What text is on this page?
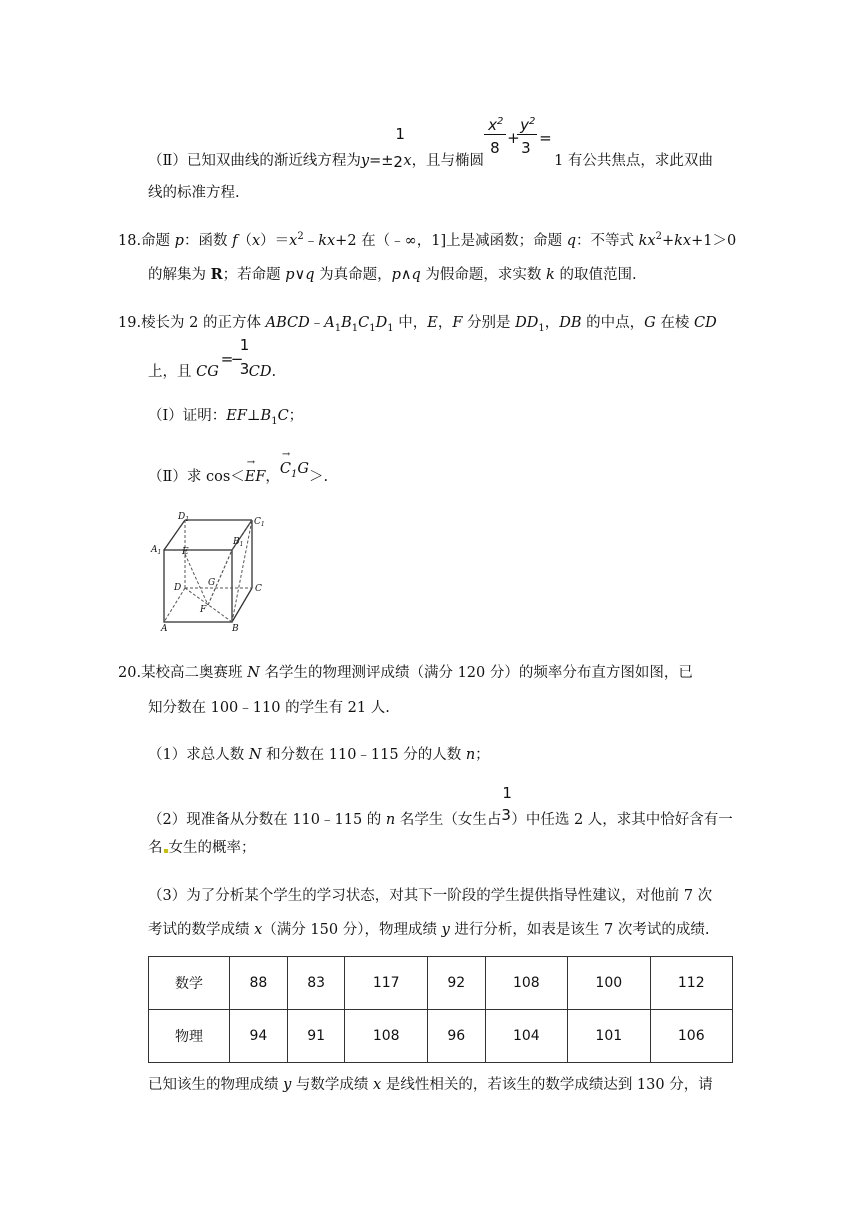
（Ⅱ）已知双曲线的渐近线方程为y=±
1
2 x，且与椭圆
$x^2$
8
+
$y^2$
3
=
1 有公共焦点，求此双曲
线的标准方程.
18.命题 p：函数 $f(x)=x^2﹣kx+2$ 在（﹣∞，1]上是减函数；命题 q：不等式 $kx^2+kx+1>0$
的解集为 R；若命题 p∨q 为真命题，p∧q 为假命题，求实数 k 的取值范围.
19.棱长为 2 的正方体 $ABCD﹣A_1B_1C_1D_1$ 中，E，F 分别是 $DD_1$，DB 的中点，G 在棱 CD
上，且 CG
=
−
1
3 CD.
（Ⅰ）证明：$EF\perp B_1C$；
（Ⅱ）求 cos＜→ EF，→ $C_1G>$.
$D_1$	$C_1$
$A_1$ E
$B_1$
D	G
C
F
A	B
20.某校高二奥赛班 N 名学生的物理测评成绩（满分 120 分）的频率分布直方图如图，已
知分数在 100﹣110 的学生有 21 人.
（1）求总人数 N 和分数在 110﹣115 分的人数 n；
（2）现准备从分数在 110﹣115 的 n 名学生（女生占
1
3 ）中任选 2 人，求其中恰好含有一
名 女生的概率；
（3）为了分析某个学生的学习状态，对其下一阶段的学生提供指导性建议，对他前 7 次
考试的数学成绩 x（满分 150 分），物理成绩 y 进行分析，如表是该生 7 次考试的成绩.
数学	88	83	117	92	108	100	112
物理	94	91	108	96	104	101	106
已知该生的物理成绩 y 与数学成绩 x 是线性相关的，若该生的数学成绩达到 130 分，请
